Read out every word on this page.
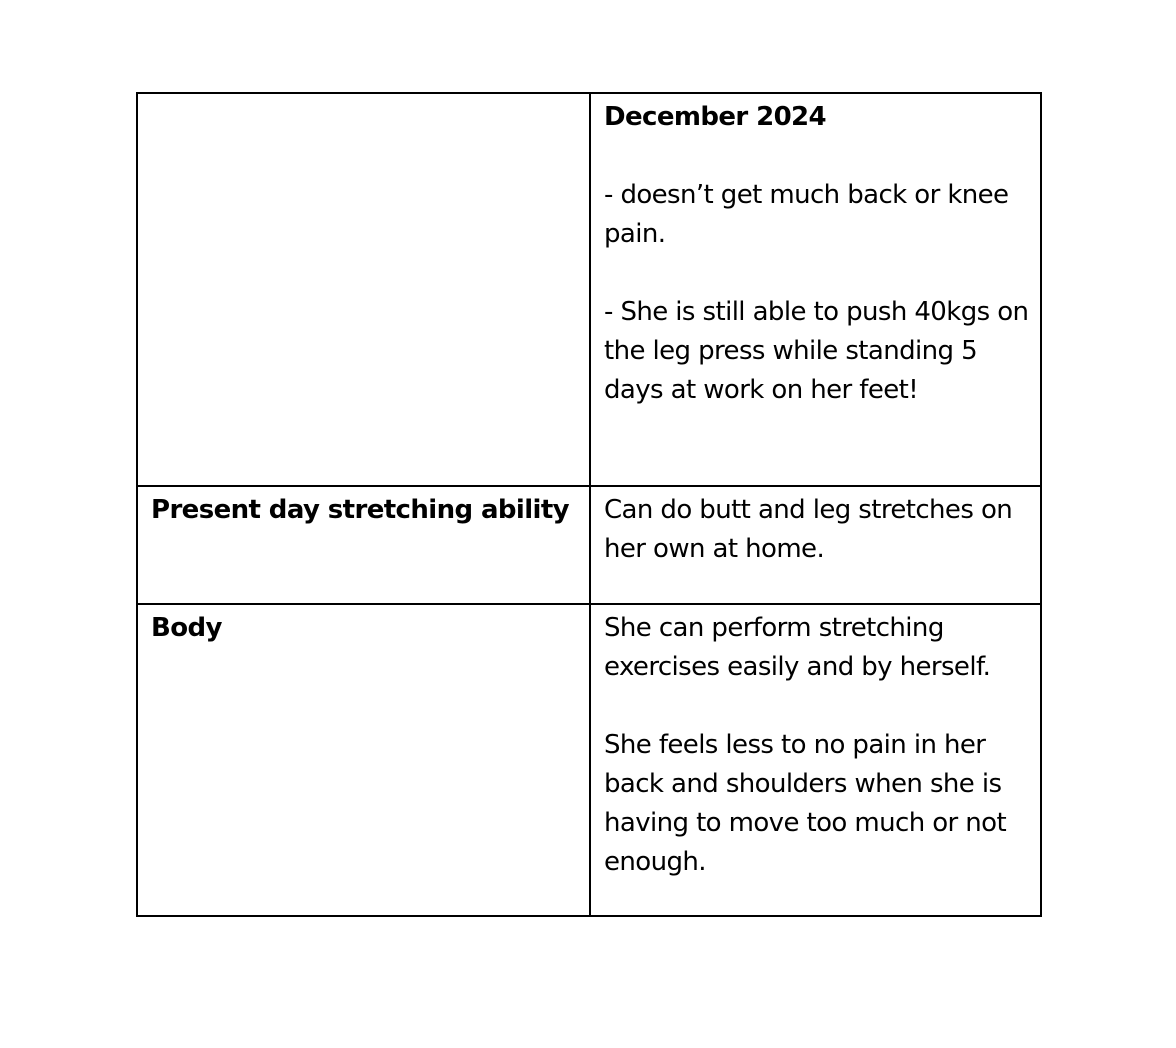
	December 2024

- doesn’t get much back or knee pain.

- She is still able to push 40kgs on the leg press while standing 5 days at work on her feet!

Present day stretching ability	Can do butt and leg stretches on her own at home.

Body	She can perform stretching exercises easily and by herself.

She feels less to no pain in her back and shoulders when she is having to move too much or not enough.
